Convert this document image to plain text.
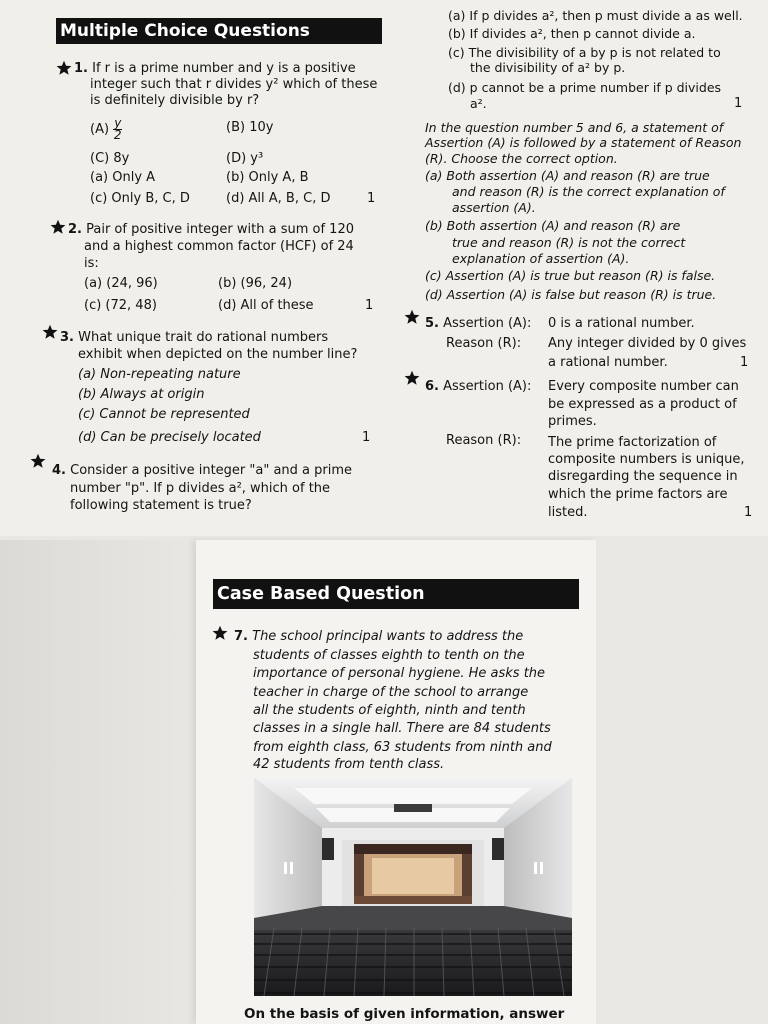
Multiple Choice Questions
1. If r is a prime number and y is a positive
integer such that r divides y² which of these
is definitely divisible by r?
$(A) \frac{y}{2}$	(B) 10y
(C) 8y	(D) y³
(a) Only A	(b) Only A, B
(c) Only B, C, D	(d) All A, B, C, D	1
2. Pair of positive integer with a sum of 120
and a highest common factor (HCF) of 24
is:
(a) (24, 96)	(b) (96, 24)
(c) (72, 48)	(d) All of these	1
3. What unique trait do rational numbers
exhibit when depicted on the number line?
(a) Non-repeating nature
(b) Always at origin
(c) Cannot be represented
(d) Can be precisely located	1
4. Consider a positive integer "a" and a prime
number "p". If p divides a², which of the
following statement is true?
(a) If p divides a², then p must divide a as well.
(b) If divides a², then p cannot divide a.
(c) The divisibility of a by p is not related to
the divisibility of a² by p.
(d) p cannot be a prime number if p divides
a².	1
In the question number 5 and 6, a statement of
Assertion (A) is followed by a statement of Reason
(R). Choose the correct option.
(a) Both assertion (A) and reason (R) are true
and reason (R) is the correct explanation of
assertion (A).
(b) Both assertion (A) and reason (R) are
true and reason (R) is not the correct
explanation of assertion (A).
(c) Assertion (A) is true but reason (R) is false.
(d) Assertion (A) is false but reason (R) is true.
5. Assertion (A): 0 is a rational number.
Reason (R): Any integer divided by 0 gives
a rational number.	1
6. Assertion (A): Every composite number can
be expressed as a product of
primes.
Reason (R): The prime factorization of
composite numbers is unique,
disregarding the sequence in
which the prime factors are
listed.	1
Case Based Question
7. The school principal wants to address the
students of classes eighth to tenth on the
importance of personal hygiene. He asks the
teacher in charge of the school to arrange
all the students of eighth, ninth and tenth
classes in a single hall. There are 84 students
from eighth class, 63 students from ninth and
42 students from tenth class.
On the basis of given information, answer
